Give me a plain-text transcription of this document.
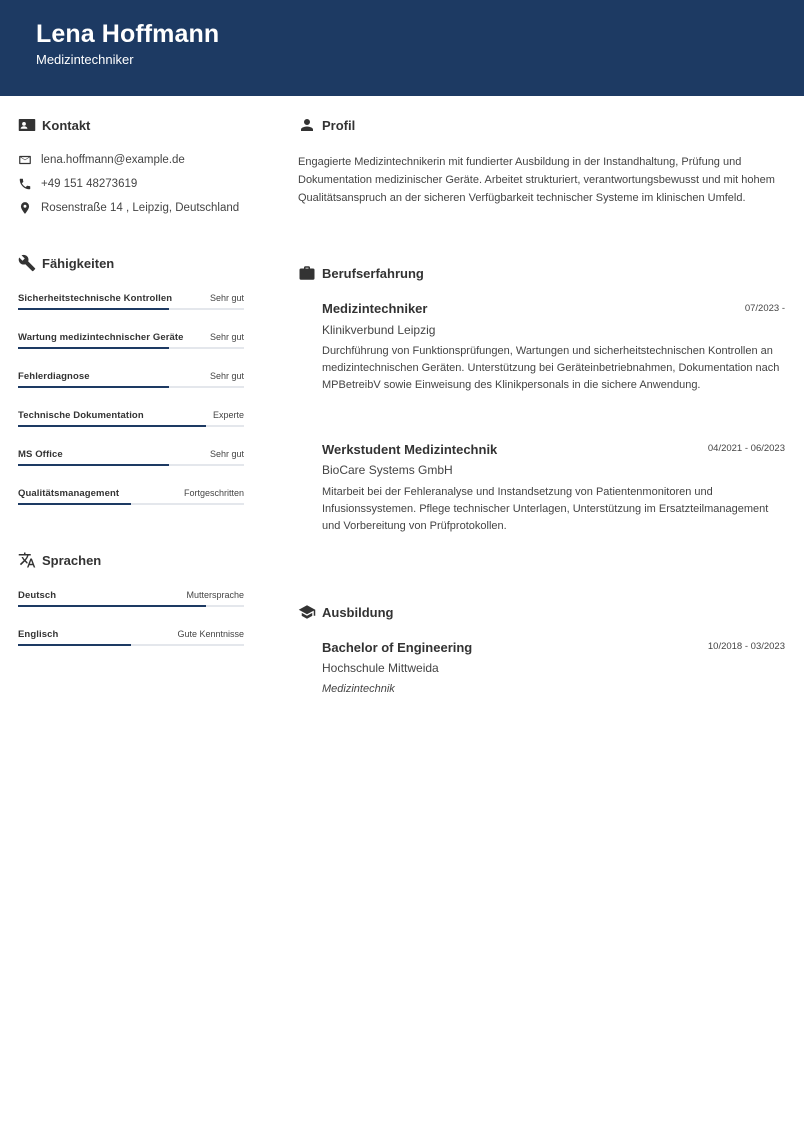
Lena Hoffmann
Medizintechniker
Kontakt
lena.hoffmann@example.de
+49 151 48273619
Rosenstraße 14 , Leipzig, Deutschland
Fähigkeiten
Sicherheitstechnische Kontrollen	Sehr gut
Wartung medizintechnischer Geräte	Sehr gut
Fehlerdiagnose	Sehr gut
Technische Dokumentation	Experte
MS Office	Sehr gut
Qualitätsmanagement	Fortgeschritten
Sprachen
Deutsch	Muttersprache
Englisch	Gute Kenntnisse
Profil
Engagierte Medizintechnikerin mit fundierter Ausbildung in der Instandhaltung, Prüfung und Dokumentation medizinischer Geräte. Arbeitet strukturiert, verantwortungsbewusst und mit hohem Qualitätsanspruch an der sicheren Verfügbarkeit technischer Systeme im klinischen Umfeld.
Berufserfahrung
Medizintechniker	07/2023 -
Klinikverbund Leipzig
Durchführung von Funktionsprüfungen, Wartungen und sicherheitstechnischen Kontrollen an medizintechnischen Geräten. Unterstützung bei Geräteinbetriebnahmen, Dokumentation nach MPBetreibV sowie Einweisung des Klinikpersonals in die sichere Anwendung.
Werkstudent Medizintechnik	04/2021 - 06/2023
BioCare Systems GmbH
Mitarbeit bei der Fehleranalyse und Instandsetzung von Patientenmonitoren und Infusionssystemen. Pflege technischer Unterlagen, Unterstützung im Ersatzteilmanagement und Vorbereitung von Prüfprotokollen.
Ausbildung
Bachelor of Engineering	10/2018 - 03/2023
Hochschule Mittweida
Medizintechnik
